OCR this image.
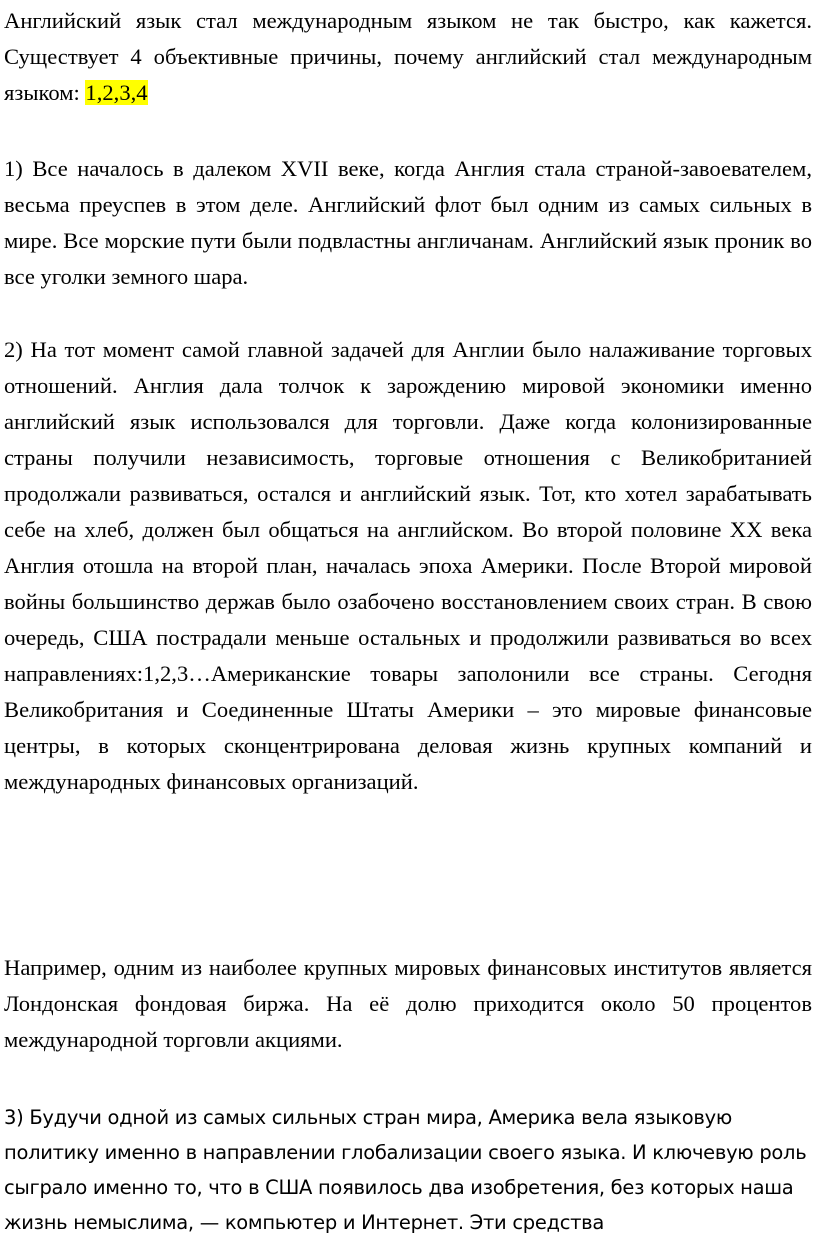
Английский язык стал международным языком не так быстро, как кажется. Существует 4 объективные причины, почему английский стал международным языком: 1,2,3,4

1) Все началось в далеком XVII веке, когда Англия стала страной-завоевателем, весьма преуспев в этом деле. Английский флот был одним из самых сильных в мире. Все морские пути были подвластны англичанам. Английский язык проник во все уголки земного шара.

2) На тот момент самой главной задачей для Англии было налаживание торговых отношений. Англия дала толчок к зарождению мировой экономики именно английский язык использовался для торговли. Даже когда колонизированные страны получили независимость, торговые отношения с Великобританией продолжали развиваться, остался и английский язык. Тот, кто хотел зарабатывать себе на хлеб, должен был общаться на английском. Во второй половине XX века Англия отошла на второй план, началась эпоха Америки. После Второй мировой войны большинство держав было озабочено восстановлением своих стран. В свою очередь, США пострадали меньше остальных и продолжили развиваться во всех направлениях:1,2,3…Американские товары заполонили все страны. Сегодня Великобритания и Соединенные Штаты Америки – это мировые финансовые центры, в которых сконцентрирована деловая жизнь крупных компаний и международных финансовых организаций.

Например, одним из наиболее крупных мировых финансовых институтов является Лондонская фондовая биржа. На её долю приходится около 50 процентов международной торговли акциями.

3) Будучи одной из самых сильных стран мира, Америка вела языковую политику именно в направлении глобализации своего языка. И ключевую роль сыграло именно то, что в США появилось два изобретения, без которых наша жизнь немыслима, — компьютер и Интернет. Эти средства
